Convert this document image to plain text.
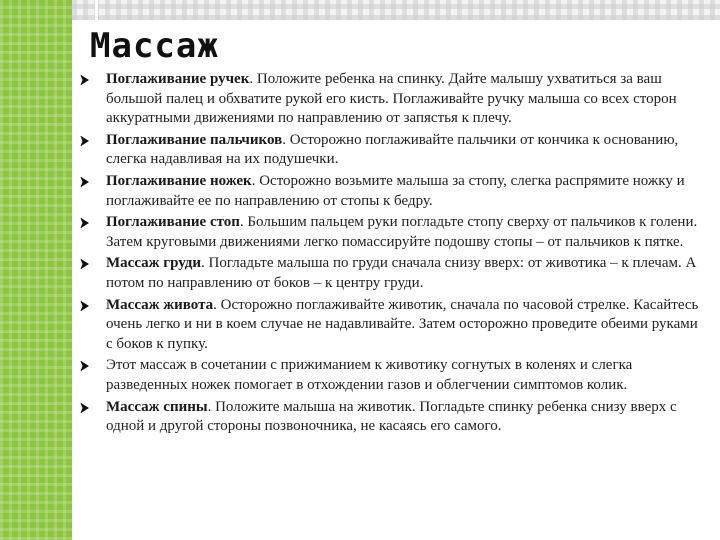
Массаж
Поглаживание ручек. Положите ребенка на спинку. Дайте малышу ухватиться за ваш большой палец и обхватите рукой его кисть. Поглаживайте ручку малыша со всех сторон аккуратными движениями по направлению от запястья к плечу.
Поглаживание пальчиков. Осторожно поглаживайте пальчики от кончика к основанию, слегка надавливая на их подушечки.
Поглаживание ножек. Осторожно возьмите малыша за стопу, слегка распрямите ножку и поглаживайте ее по направлению от стопы к бедру.
Поглаживание стоп. Большим пальцем руки погладьте стопу сверху от пальчиков к голени. Затем круговыми движениями легко помассируйте подошву стопы – от пальчиков к пятке.
Массаж груди. Погладьте малыша по груди сначала снизу вверх: от животика – к плечам. А потом по направлению от боков – к центру груди.
Массаж живота. Осторожно поглаживайте животик, сначала по часовой стрелке. Касайтесь очень легко и ни в коем случае не надавливайте. Затем осторожно проведите обеими руками с боков к пупку.
Этот массаж в сочетании с прижиманием к животику согнутых в коленях и слегка разведенных ножек помогает в отхождении газов и облегчении симптомов колик.
Массаж спины. Положите малыша на животик. Погладьте спинку ребенка снизу вверх с одной и другой стороны позвоночника, не касаясь его самого.
